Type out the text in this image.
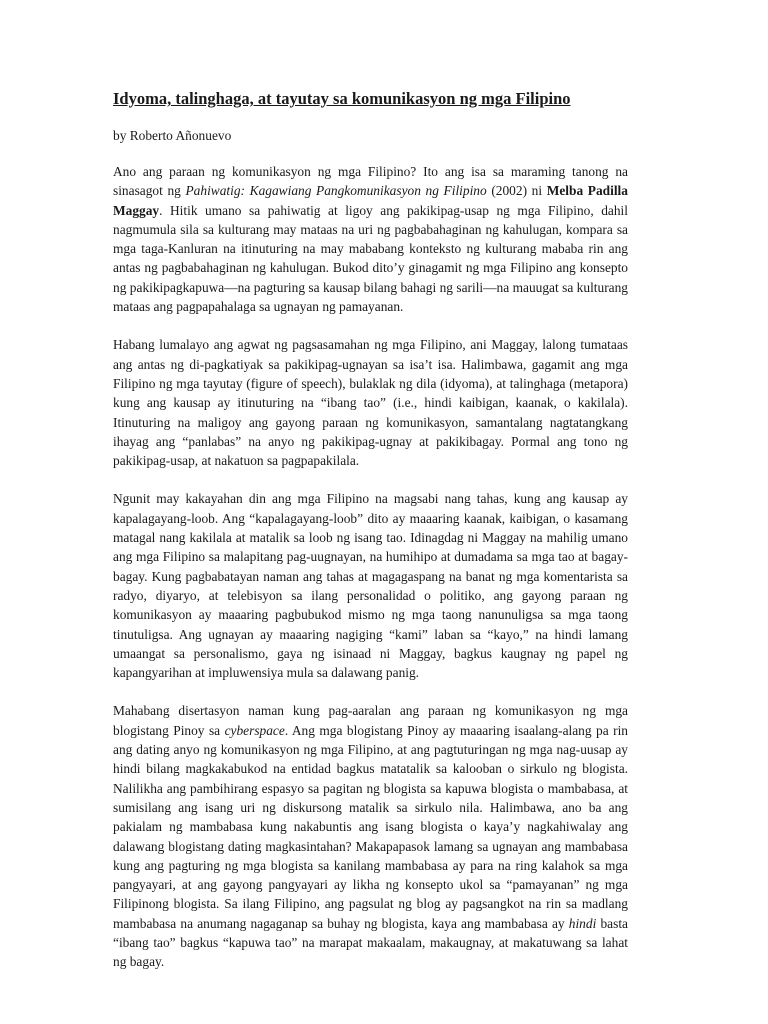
Idyoma, talinghaga, at tayutay sa komunikasyon ng mga Filipino
by Roberto Añonuevo

Ano ang paraan ng komunikasyon ng mga Filipino? Ito ang isa sa maraming tanong na sinasagot ng Pahiwatig: Kagawiang Pangkomunikasyon ng Filipino (2002) ni Melba Padilla Maggay. Hitik umano sa pahiwatig at ligoy ang pakikipag-usap ng mga Filipino, dahil nagmumula sila sa kulturang may mataas na uri ng pagbabahaginan ng kahulugan, kompara sa mga taga-Kanluran na itinuturing na may mababang konteksto ng kulturang mababa rin ang antas ng pagbabahaginan ng kahulugan. Bukod dito’y ginagamit ng mga Filipino ang konsepto ng pakikipagkapuwa—na pagturing sa kausap bilang bahagi ng sarili—na mauugat sa kulturang mataas ang pagpapahalaga sa ugnayan ng pamayanan.

Habang lumalayo ang agwat ng pagsasamahan ng mga Filipino, ani Maggay, lalong tumataas ang antas ng di-pagkatiyak sa pakikipag-ugnayan sa isa’t isa. Halimbawa, gagamit ang mga Filipino ng mga tayutay (figure of speech), bulaklak ng dila (idyoma), at talinghaga (metapora) kung ang kausap ay itinuturing na “ibang tao” (i.e., hindi kaibigan, kaanak, o kakilala). Itinuturing na maligoy ang gayong paraan ng komunikasyon, samantalang nagtatangkang ihayag ang “panlabas” na anyo ng pakikipag-ugnay at pakikibagay. Pormal ang tono ng pakikipag-usap, at nakatuon sa pagpapakilala.

Ngunit may kakayahan din ang mga Filipino na magsabi nang tahas, kung ang kausap ay kapalagayang-loob. Ang “kapalagayang-loob” dito ay maaaring kaanak, kaibigan, o kasamang matagal nang kakilala at matalik sa loob ng isang tao. Idinagdag ni Maggay na mahilig umano ang mga Filipino sa malapitang pag-uugnayan, na humihipo at dumadama sa mga tao at bagay-bagay. Kung pagbabatayan naman ang tahas at magagaspang na banat ng mga komentarista sa radyo, diyaryo, at telebisyon sa ilang personalidad o politiko, ang gayong paraan ng komunikasyon ay maaaring pagbubukod mismo ng mga taong nanunuligsa sa mga taong tinutuligsa. Ang ugnayan ay maaaring nagiging “kami” laban sa “kayo,” na hindi lamang umaangat sa personalismo, gaya ng isinaad ni Maggay, bagkus kaugnay ng papel ng kapangyarihan at impluwensiya mula sa dalawang panig.

Mahabang disertasyon naman kung pag-aaralan ang paraan ng komunikasyon ng mga blogistang Pinoy sa cyberspace. Ang mga blogistang Pinoy ay maaaring isaalang-alang pa rin ang dating anyo ng komunikasyon ng mga Filipino, at ang pagtuturingan ng mga nag-uusap ay hindi bilang magkakabukod na entidad bagkus matatalik sa kalooban o sirkulo ng blogista. Nalilikha ang pambihirang espasyo sa pagitan ng blogista sa kapuwa blogista o mambabasa, at sumisilang ang isang uri ng diskursong matalik sa sirkulo nila. Halimbawa, ano ba ang pakialam ng mambabasa kung nakabuntis ang isang blogista o kaya’y nagkahiwalay ang dalawang blogistang dating magkasintahan? Makapapasok lamang sa ugnayan ang mambabasa kung ang pagturing ng mga blogista sa kanilang mambabasa ay para na ring kalahok sa mga pangyayari, at ang gayong pangyayari ay likha ng konsepto ukol sa “pamayanan” ng mga Filipinong blogista. Sa ilang Filipino, ang pagsulat ng blog ay pagsangkot na rin sa madlang mambabasa na anumang nagaganap sa buhay ng blogista, kaya ang mambabasa ay hindi basta “ibang tao” bagkus “kapuwa tao” na marapat makaalam, makaugnay, at makatuwang sa lahat ng bagay.
